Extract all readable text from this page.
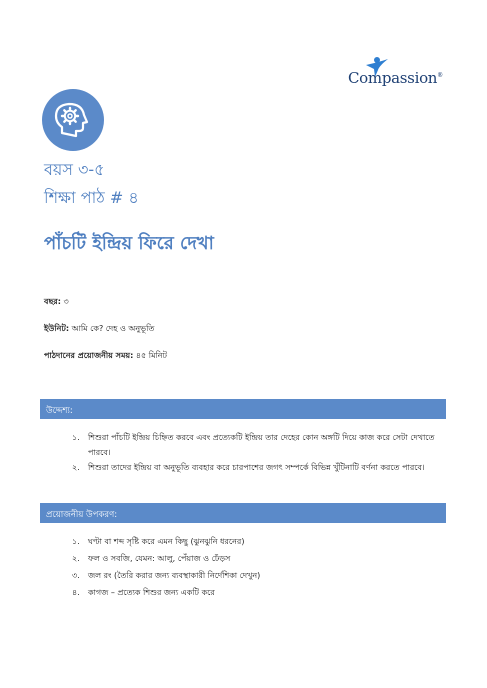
Compassion®
বয়স ৩-৫
শিক্ষা পাঠ # ৪
পাঁচটি ইন্দ্রিয় ফিরে দেখা
বছর: ৩
ইউনিট: আমি কে? দেহ ও অনুভূতি
পাঠদানের প্রয়োজনীয় সময়: ৪৫ মিনিট
উদ্দেশ্য:
১. শিশুরা পাঁচটি ইন্দ্রিয় চিহ্নিত করবে এবং প্রত্যেকটি ইন্দ্রিয় তার দেহের কোন অঙ্গটি দিয়ে কাজ করে সেটা দেখাতে পারবে।
২. শিশুরা তাদের ইন্দ্রিয় বা অনুভূতি ব্যবহার করে চারপাশের জগৎ সম্পর্কে বিভিন্ন খুঁটিনাটি বর্ণনা করতে পারবে।
প্রয়োজনীয় উপকরণ:
১. ঘণ্টা বা শব্দ সৃষ্টি করে এমন কিছু (ঝুনঝুনি ধরনের)
২. ফল ও সবজি, যেমন: আলু, পেঁয়াজ ও ঢেঁড়স
৩. জল রং (তৈরি করার জন্য ব্যবস্থাকারী নির্দেশিকা দেখুন)
৪. কাগজ – প্রত্যেক শিশুর জন্য একটি করে
